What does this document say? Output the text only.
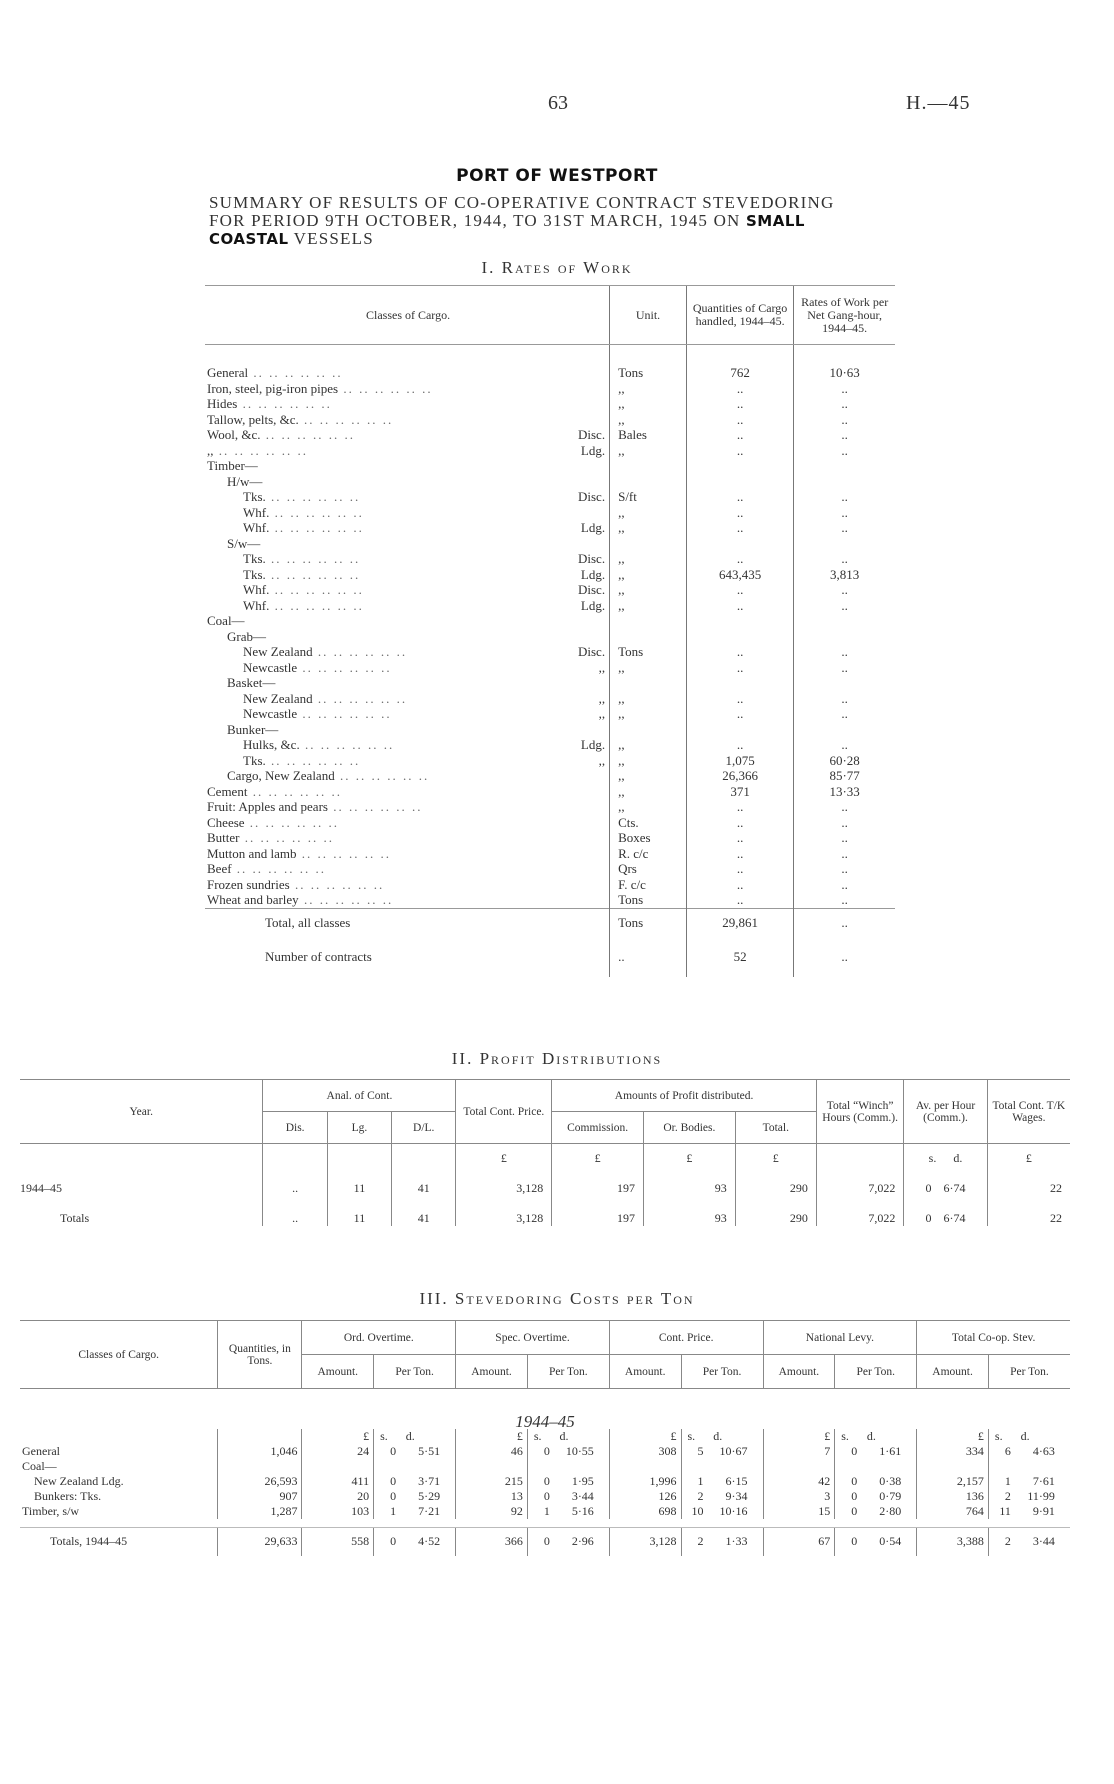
63	H.—45
PORT OF WESTPORT
SUMMARY OF RESULTS OF CO-OPERATIVE CONTRACT STEVEDORING
FOR PERIOD 9TH OCTOBER, 1944, TO 31ST MARCH, 1945 ON SMALL
COASTAL VESSELS
I. Rates of Work
Classes of Cargo.	Unit.	Quantities of Cargo handled, 1944–45.	Rates of Work per Net Gang-hour, 1944–45.

General .. .. .. .. .. ..	Tons	762	10·63
Iron, steel, pig-iron pipes .. .. .. .. .. ..	,,	..	..
Hides .. .. .. .. .. ..	,,	..	..
Tallow, pelts, &c. .. .. .. .. .. ..	,,	..	..
Wool, &c. .. .. .. .. .. .. Disc.	Bales	..	..
,, .. .. .. .. .. .. Ldg.	,,	..	..
Timber—			
H/w—			
Tks. .. .. .. .. .. .. Disc.	S/ft	..	..
Whf. .. .. .. .. .. ..	,,	..	..
Whf. .. .. .. .. .. .. Ldg.	,,	..	..
S/w—			
Tks. .. .. .. .. .. .. Disc.	,,	..	..
Tks. .. .. .. .. .. .. Ldg.	,,	643,435	3,813
Whf. .. .. .. .. .. .. Disc.	,,	..	..
Whf. .. .. .. .. .. .. Ldg.	,,	..	..
Coal—			
Grab—			
New Zealand .. .. .. .. .. .. Disc.	Tons	..	..
Newcastle .. .. .. .. .. .. ,,	,,	..	..
Basket—			
New Zealand .. .. .. .. .. .. ,,	,,	..	..
Newcastle .. .. .. .. .. .. ,,	,,	..	..
Bunker—			
Hulks, &c. .. .. .. .. .. .. Ldg.	,,	..	..
Tks. .. .. .. .. .. .. ,,	,,	1,075	60·28
Cargo, New Zealand .. .. .. .. .. ..	,,	26,366	85·77
Cement .. .. .. .. .. ..	,,	371	13·33
Fruit: Apples and pears .. .. .. .. .. ..	,,	..	..
Cheese .. .. .. .. .. ..	Cts.	..	..
Butter .. .. .. .. .. ..	Boxes	..	..
Mutton and lamb .. .. .. .. .. ..	R. c/c	..	..
Beef .. .. .. .. .. ..	Qrs	..	..
Frozen sundries .. .. .. .. .. ..	F. c/c	..	..
Wheat and barley .. .. .. .. .. ..	Tons	..	..
Total, all classes	Tons	29,861	..
Number of contracts	..	52	..
II. Profit Distributions
Year.	Anal. of Cont.			Total Cont. Price.	Amounts of Profit distributed.			Total “Winch” Hours (Comm.).	Av. per Hour (Comm.).	Total Cont. T/K Wages.
	Dis.	Lg.	D/L.		Commission.	Or. Bodies.	Total.			
				£	£	£	£		s. d.	£
1944–45	..	11	41	3,128	197	93	290	7,022	0 6·74	22
Totals	..	11	41	3,128	197	93	290	7,022	0 6·74	22
III. Stevedoring Costs per Ton
Classes of Cargo.	Quantities, in Tons.	Ord. Overtime.		Spec. Overtime.		Cont. Price.		National Levy.		Total Co-op. Stev.	
		Amount.	Per Ton.	Amount.	Per Ton.	Amount.	Per Ton.	Amount.	Per Ton.	Amount.	Per Ton.
1944–45											
		£	s. d.	£	s. d.	£	s. d.	£	s. d.	£	s. d.
General	1,046	24	0 5·51	46	0 10·55	308	5 10·67	7	0 1·61	334	6 4·63
Coal—											
New Zealand Ldg.	26,593	411	0 3·71	215	0 1·95	1,996	1 6·15	42	0 0·38	2,157	1 7·61
Bunkers: Tks.	907	20	0 5·29	13	0 3·44	126	2 9·34	3	0 0·79	136	2 11·99
Timber, s/w	1,287	103	1 7·21	92	1 5·16	698	10 10·16	15	0 2·80	764	11 9·91

Totals, 1944–45	29,633	558	0 4·52	366	0 2·96	3,128	2 1·33	67	0 0·54	3,388	2 3·44
